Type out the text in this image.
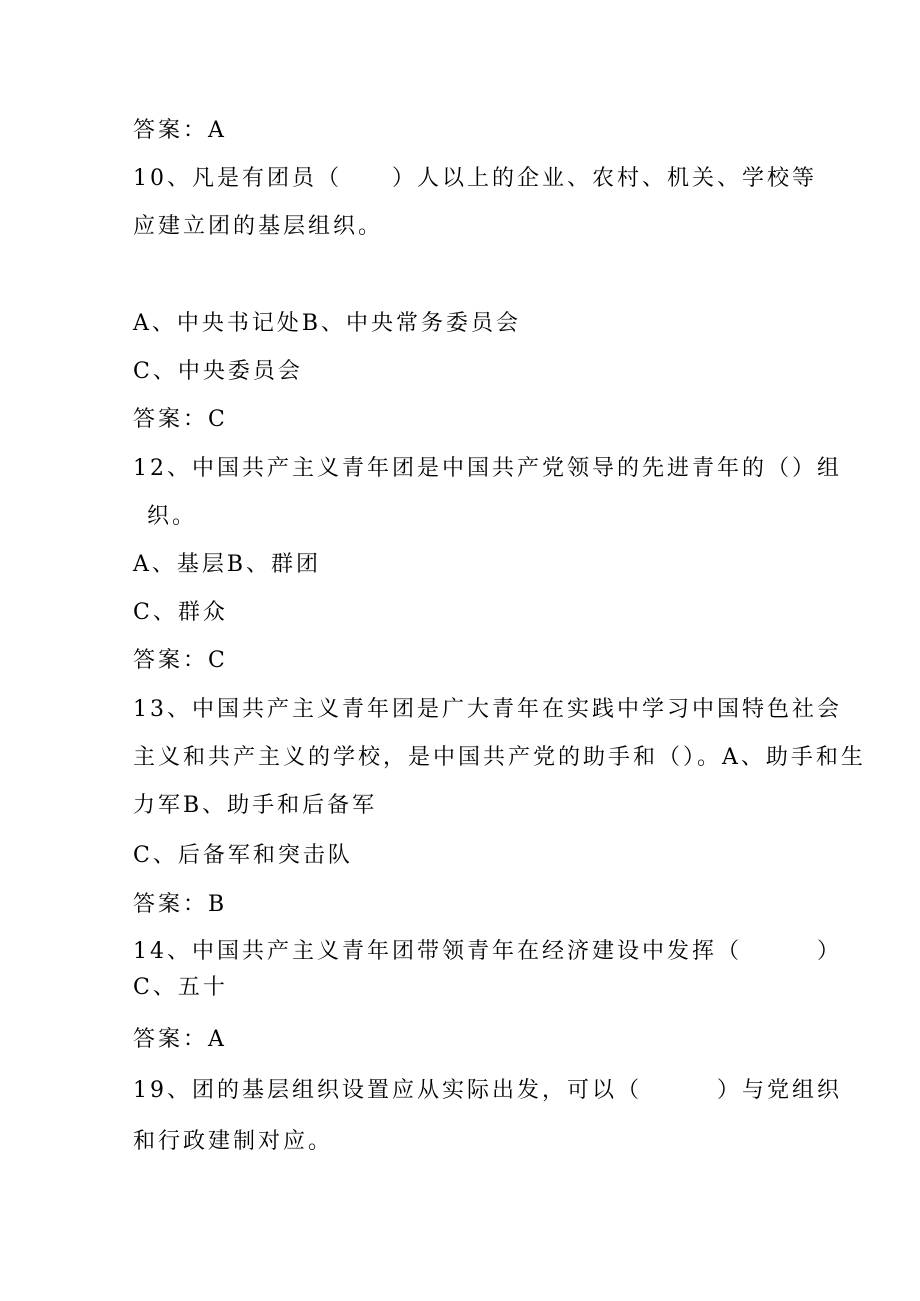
答案：A
10、凡是有团员（　　）人以上的企业、农村、机关、学校等
应建立团的基层组织。
A、中央书记处B、中央常务委员会
C、中央委员会
答案：C
12、中国共产主义青年团是中国共产党领导的先进青年的（）组
织。
A、基层B、群团
C、群众
答案：C
13、中国共产主义青年团是广大青年在实践中学习中国特色社会
主义和共产主义的学校，是中国共产党的助手和（）。A、助手和生
力军B、助手和后备军
C、后备军和突击队
答案：B
14、中国共产主义青年团带领青年在经济建设中发挥（　　　）
C、五十
答案：A
19、团的基层组织设置应从实际出发，可以（　　　）与党组织
和行政建制对应。
